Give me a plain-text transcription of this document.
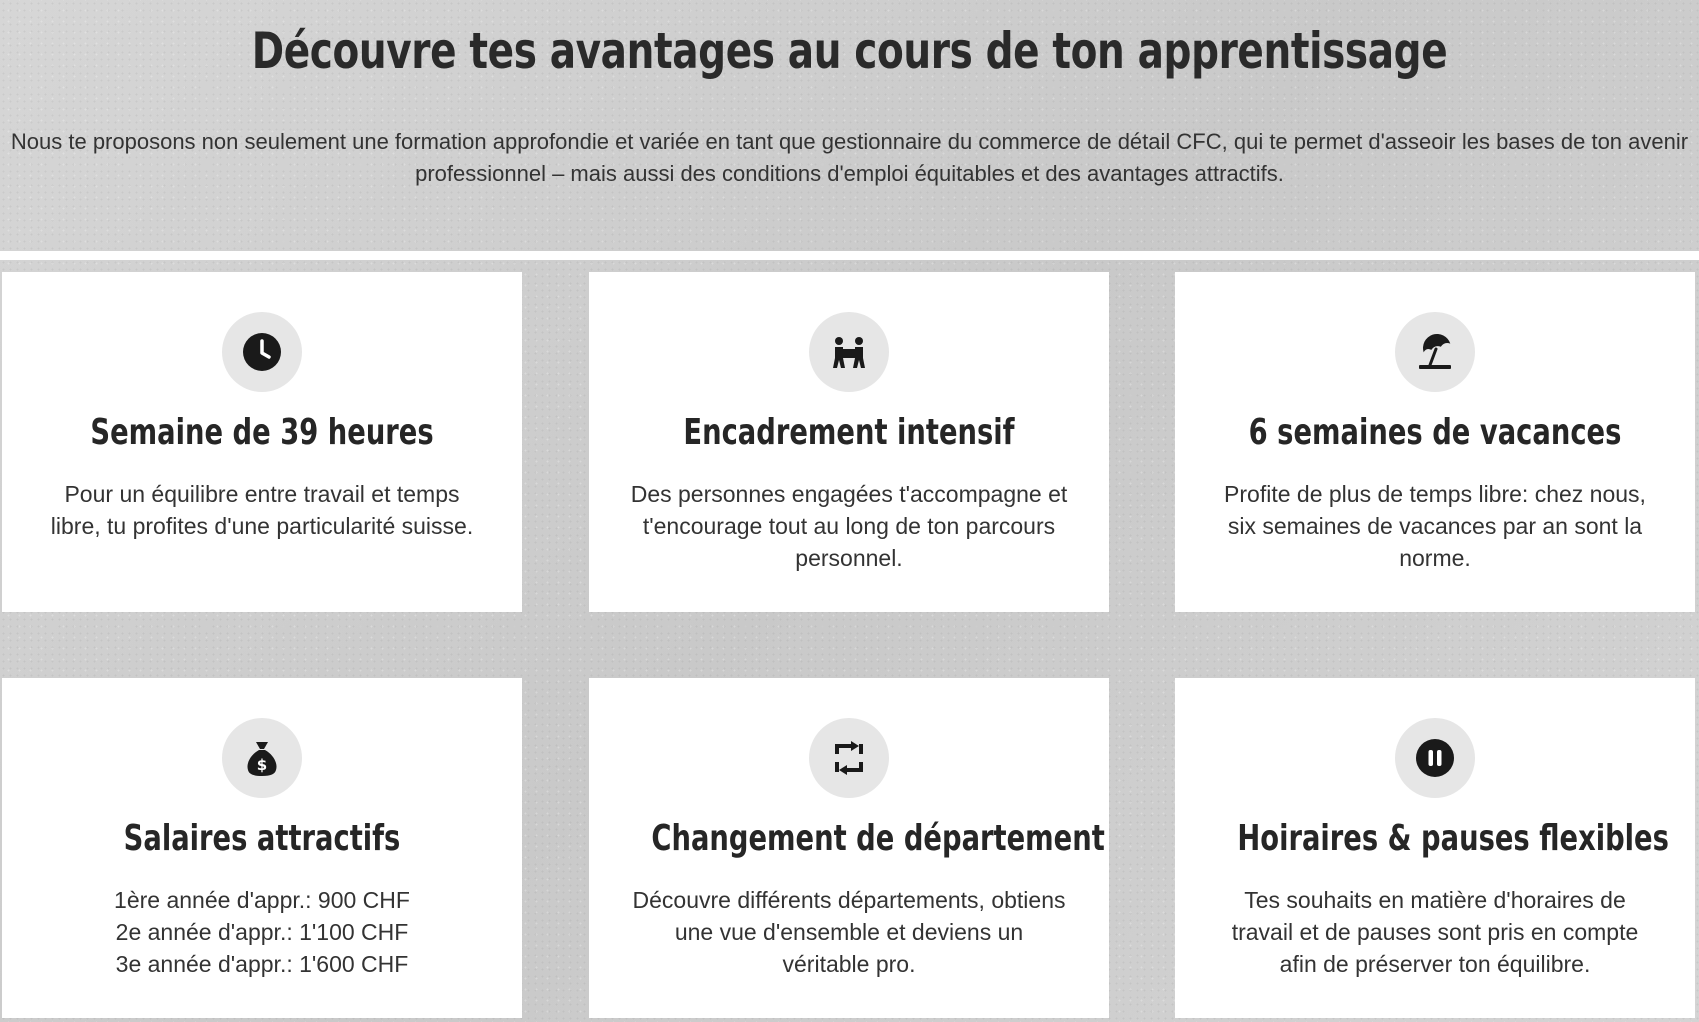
Découvre tes avantages au cours de ton apprentissage

Nous te proposons non seulement une formation approfondie et variée en tant que gestionnaire du commerce de détail CFC, qui te permet d'asseoir les bases de ton avenir professionnel – mais aussi des conditions d'emploi équitables et des avantages attractifs.

Semaine de 39 heures

Pour un équilibre entre travail et temps libre, tu profites d'une particularité suisse.

Encadrement intensif

Des personnes engagées t'accompagne et t'encourage tout au long de ton parcours personnel.

6 semaines de vacances

Profite de plus de temps libre: chez nous, six semaines de vacances par an sont la norme.

$
Salaires attractifs

1ère année d'appr.: 900 CHF
2e année d'appr.: 1'100 CHF
3e année d'appr.: 1'600 CHF

Changement de département

Découvre différents départements, obtiens une vue d'ensemble et deviens un véritable pro.

Hoiraires & pauses flexibles

Tes souhaits en matière d'horaires de travail et de pauses sont pris en compte afin de préserver ton équilibre.
